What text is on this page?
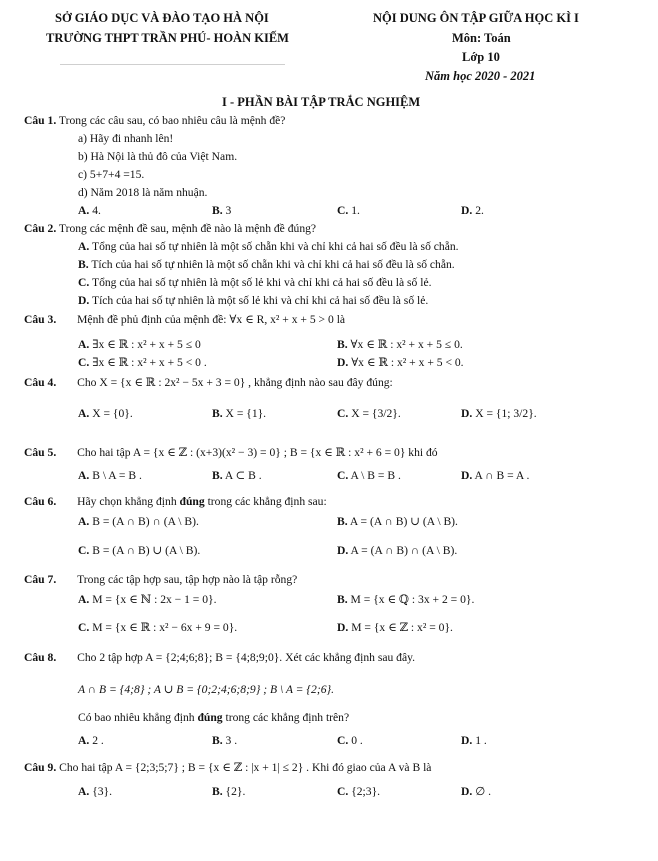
SỞ GIÁO DỤC VÀ ĐÀO TẠO HÀ NỘI
TRƯỜNG THPT TRẦN PHÚ- HOÀN KIẾM
NỘI DUNG ÔN TẬP GIỮA HỌC KÌ I
Môn: Toán
Lớp 10
Năm học 2020 - 2021
I - PHẦN BÀI TẬP TRẮC NGHIỆM
Câu 1. Trong các câu sau, có bao nhiêu câu là mệnh đề?
a) Hãy đi nhanh lên!
b) Hà Nội là thủ đô của Việt Nam.
c) 5+7+4 =15.
d) Năm 2018 là năm nhuận.
A. 4.	B. 3	C. 1.	D. 2.
Câu 2. Trong các mệnh đề sau, mệnh đề nào là mệnh đề đúng?
A. Tổng của hai số tự nhiên là một số chẵn khi và chỉ khi cả hai số đều là số chẵn.
B. Tích của hai số tự nhiên là một số chẵn khi và chỉ khi cả hai số đều là số chẵn.
C. Tổng của hai số tự nhiên là một số lẻ khi và chỉ khi cả hai số đều là số lẻ.
D. Tích của hai số tự nhiên là một số lẻ khi và chỉ khi cả hai số đều là số lẻ.
Câu 3. Mệnh đề phủ định của mệnh đề: ∀x ∈ R, x² + x + 5 > 0 là
A. ∃x ∈ ℝ : x² + x + 5 ≤ 0	B. ∀x ∈ ℝ : x² + x + 5 ≤ 0.
C. ∃x ∈ ℝ : x² + x + 5 < 0 .	D. ∀x ∈ ℝ : x² + x + 5 < 0.
Câu 4. Cho X = {x ∈ ℝ : 2x² − 5x + 3 = 0} , khẳng định nào sau đây đúng:
A. X = {0}.	B. X = {1}.	C. X = {3/2}.	D. X = {1; 3/2}.
Câu 5. Cho hai tập A = {x ∈ ℤ : (x+3)(x² − 3) = 0} ; B = {x ∈ ℝ : x² + 6 = 0} khi đó
A. B \ A = B .	B. A ⊂ B .	C. A \ B = B .	D. A ∩ B = A .
Câu 6. Hãy chọn khẳng định đúng trong các khẳng định sau:
A. B = (A ∩ B) ∩ (A \ B).	B. A = (A ∩ B) ∪ (A \ B).
C. B = (A ∩ B) ∪ (A \ B).	D. A = (A ∩ B) ∩ (A \ B).
Câu 7. Trong các tập hợp sau, tập hợp nào là tập rỗng?
A. M = {x ∈ ℕ : 2x − 1 = 0}.	B. M = {x ∈ ℚ : 3x + 2 = 0}.
C. M = {x ∈ ℝ : x² − 6x + 9 = 0}.	D. M = {x ∈ ℤ : x² = 0}.
Câu 8. Cho 2 tập hợp A = {2;4;6;8}; B = {4;8;9;0}. Xét các khẳng định sau đây.
A ∩ B = {4;8} ; A ∪ B = {0;2;4;6;8;9} ; B \ A = {2;6}.
Có bao nhiêu khẳng định đúng trong các khẳng định trên?
A. 2 .	B. 3 .	C. 0 .	D. 1 .
Câu 9. Cho hai tập A = {2;3;5;7} ; B = {x ∈ ℤ : |x + 1| ≤ 2} . Khi đó giao của A và B là
A. {3}.	B. {2}.	C. {2;3}.	D. ∅ .
